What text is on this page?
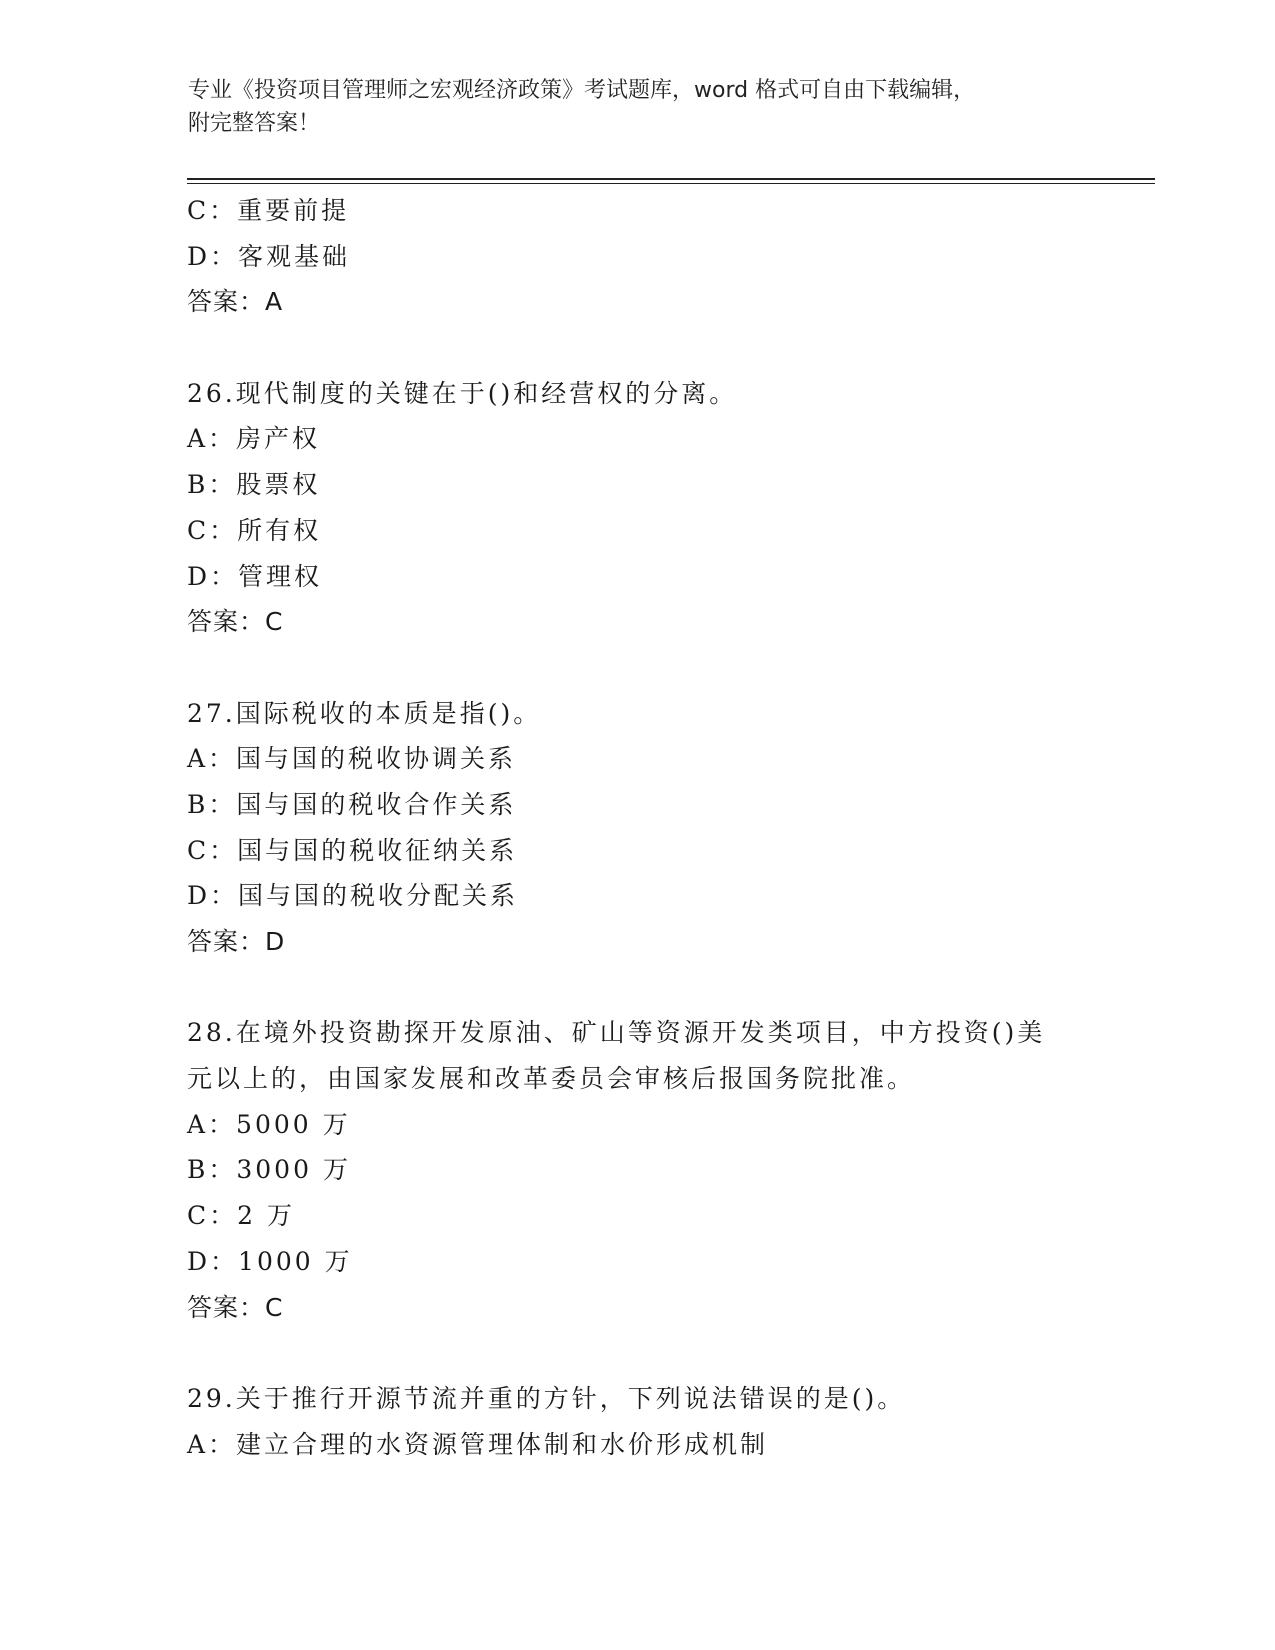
专业《投资项目管理师之宏观经济政策》考试题库，word 格式可自由下载编辑，
附完整答案！
C：重要前提
D：客观基础
答案：A
26.现代制度的关键在于()和经营权的分离。
A：房产权
B：股票权
C：所有权
D：管理权
答案：C
27.国际税收的本质是指()。
A：国与国的税收协调关系
B：国与国的税收合作关系
C：国与国的税收征纳关系
D：国与国的税收分配关系
答案：D
28.在境外投资勘探开发原油、矿山等资源开发类项目，中方投资()美
元以上的，由国家发展和改革委员会审核后报国务院批准。
A：5000 万
B：3000 万
C：2 万
D：1000 万
答案：C
29.关于推行开源节流并重的方针，下列说法错误的是()。
A：建立合理的水资源管理体制和水价形成机制
